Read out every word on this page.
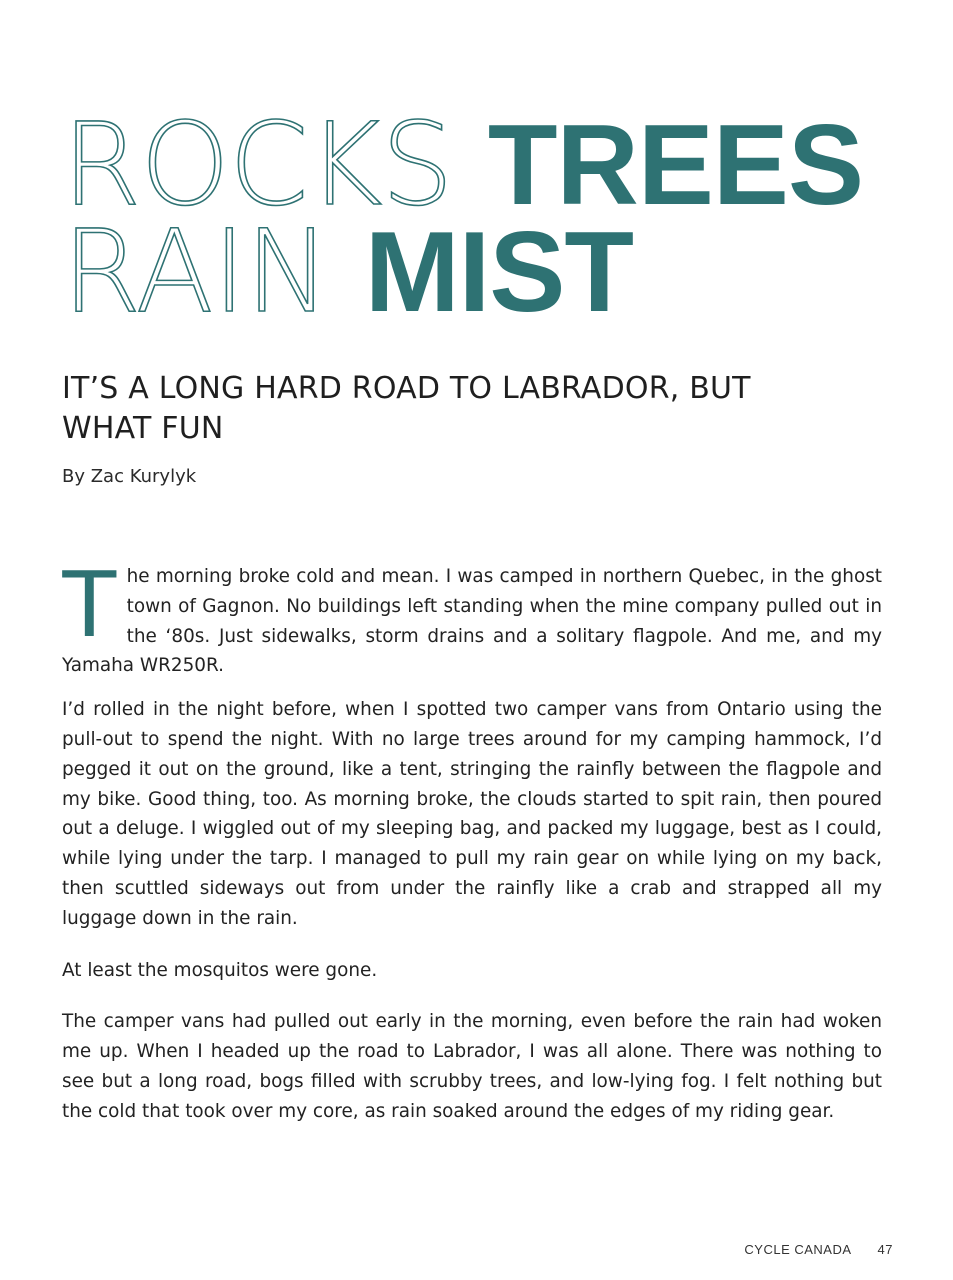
ROCKS TREES
RAIN MIST
IT’S A LONG HARD ROAD TO LABRADOR, BUT WHAT FUN

By Zac Kurylyk

The morning broke cold and mean. I was camped in northern Quebec, in the ghost town of Gagnon. No buildings left standing when the mine company pulled out in the ‘80s. Just sidewalks, storm drains and a solitary flagpole. And me, and my Yamaha WR250R.

I’d rolled in the night before, when I spotted two camper vans from Ontario using the pull-out to spend the night. With no large trees around for my camping hammock, I’d pegged it out on the ground, like a tent, stringing the rainfly between the flagpole and my bike. Good thing, too. As morning broke, the clouds started to spit rain, then poured out a deluge. I wiggled out of my sleeping bag, and packed my luggage, best as I could, while lying under the tarp. I managed to pull my rain gear on while lying on my back, then scuttled sideways out from under the rainfly like a crab and strapped all my luggage down in the rain.

At least the mosquitos were gone.

The camper vans had pulled out early in the morning, even before the rain had woken me up. When I headed up the road to Labrador, I was all alone. There was nothing to see but a long road, bogs filled with scrubby trees, and low-lying fog. I felt nothing but the cold that took over my core, as rain soaked around the edges of my riding gear.

CYCLE CANADA 47
